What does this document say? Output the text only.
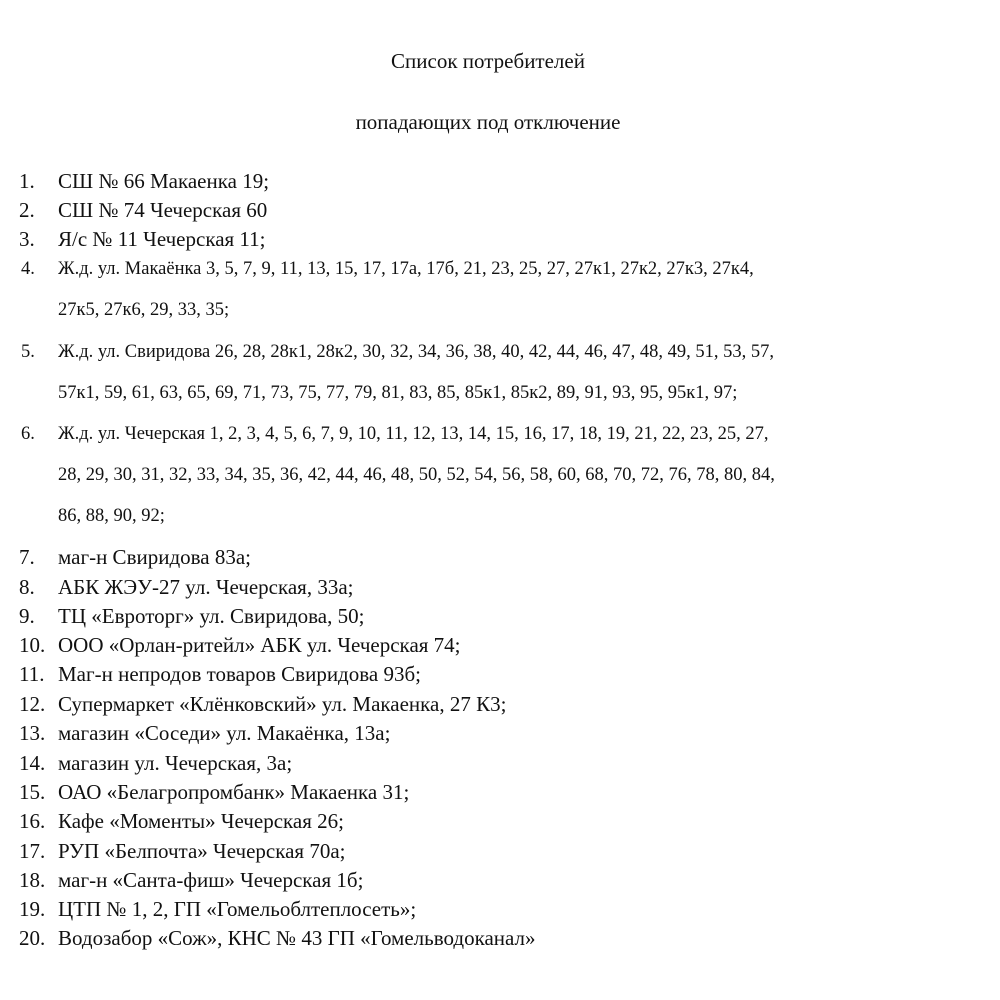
Список потребителей
попадающих под отключение
1.	СШ № 66 Макаенка 19;
2.	СШ № 74 Чечерская 60
3.	Я/с № 11 Чечерская 11;
4.	Ж.д. ул. Макаёнка 3, 5, 7, 9, 11, 13, 15, 17, 17а, 17б, 21, 23, 25, 27, 27к1, 27к2, 27к3, 27к4,
27к5, 27к6, 29, 33, 35;
5.	Ж.д. ул. Свиридова 26, 28, 28к1, 28к2, 30, 32, 34, 36, 38, 40, 42, 44, 46, 47, 48, 49, 51, 53, 57,
57к1, 59, 61, 63, 65, 69, 71, 73, 75, 77, 79, 81, 83, 85, 85к1, 85к2, 89, 91, 93, 95, 95к1, 97;
6.	Ж.д. ул. Чечерская 1, 2, 3, 4, 5, 6, 7, 9, 10, 11, 12, 13, 14, 15, 16, 17, 18, 19, 21, 22, 23, 25, 27,
28, 29, 30, 31, 32, 33, 34, 35, 36, 42, 44, 46, 48, 50, 52, 54, 56, 58, 60, 68, 70, 72, 76, 78, 80, 84,
86, 88, 90, 92;
7.	маг-н Свиридова 83а;
8.	АБК ЖЭУ-27 ул. Чечерская, 33а;
9.	ТЦ «Евроторг» ул. Свиридова, 50;
10. ООО «Орлан-ритейл» АБК ул. Чечерская 74;
11. Маг-н непродов товаров Свиридова 93б;
12. Супермаркет «Клёнковский» ул. Макаенка, 27 К3;
13. магазин «Соседи» ул. Макаёнка, 13а;
14. магазин ул. Чечерская, 3а;
15. ОАО «Белагропромбанк» Макаенка 31;
16. Кафе «Моменты» Чечерская 26;
17. РУП «Белпочта» Чечерская 70а;
18. маг-н «Санта-фиш» Чечерская 1б;
19. ЦТП № 1, 2, ГП «Гомельоблтеплосеть»;
20. Водозабор «Сож», КНС № 43 ГП «Гомельводоканал»
